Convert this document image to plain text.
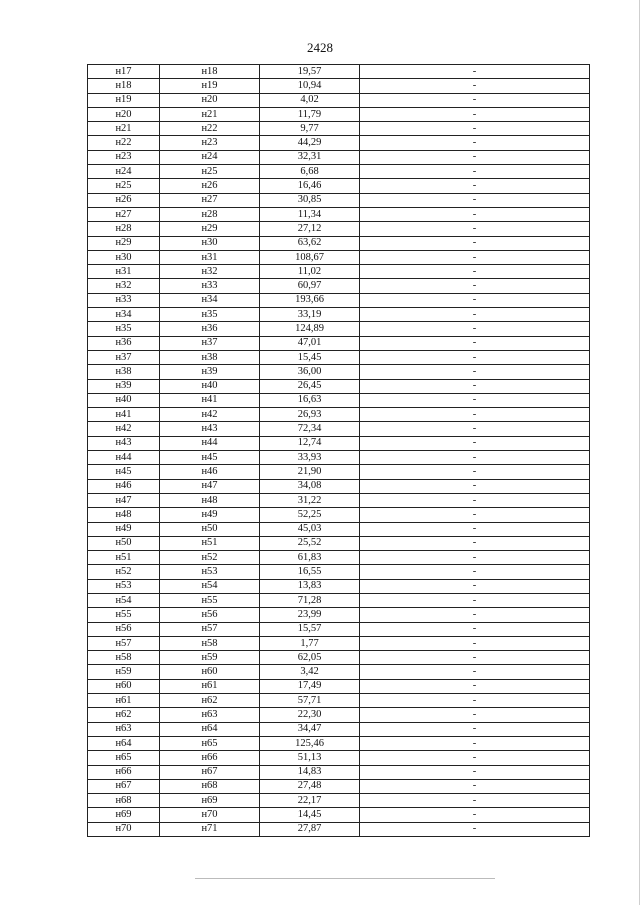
2428
н17	н18	19,57	-
н18	н19	10,94	-
н19	н20	4,02	-
н20	н21	11,79	-
н21	н22	9,77	-
н22	н23	44,29	-
н23	н24	32,31	-
н24	н25	6,68	-
н25	н26	16,46	-
н26	н27	30,85	-
н27	н28	11,34	-
н28	н29	27,12	-
н29	н30	63,62	-
н30	н31	108,67	-
н31	н32	11,02	-
н32	н33	60,97	-
н33	н34	193,66	-
н34	н35	33,19	-
н35	н36	124,89	-
н36	н37	47,01	-
н37	н38	15,45	-
н38	н39	36,00	-
н39	н40	26,45	-
н40	н41	16,63	-
н41	н42	26,93	-
н42	н43	72,34	-
н43	н44	12,74	-
н44	н45	33,93	-
н45	н46	21,90	-
н46	н47	34,08	-
н47	н48	31,22	-
н48	н49	52,25	-
н49	н50	45,03	-
н50	н51	25,52	-
н51	н52	61,83	-
н52	н53	16,55	-
н53	н54	13,83	-
н54	н55	71,28	-
н55	н56	23,99	-
н56	н57	15,57	-
н57	н58	1,77	-
н58	н59	62,05	-
н59	н60	3,42	-
н60	н61	17,49	-
н61	н62	57,71	-
н62	н63	22,30	-
н63	н64	34,47	-
н64	н65	125,46	-
н65	н66	51,13	-
н66	н67	14,83	-
н67	н68	27,48	-
н68	н69	22,17	-
н69	н70	14,45	-
н70	н71	27,87	-
